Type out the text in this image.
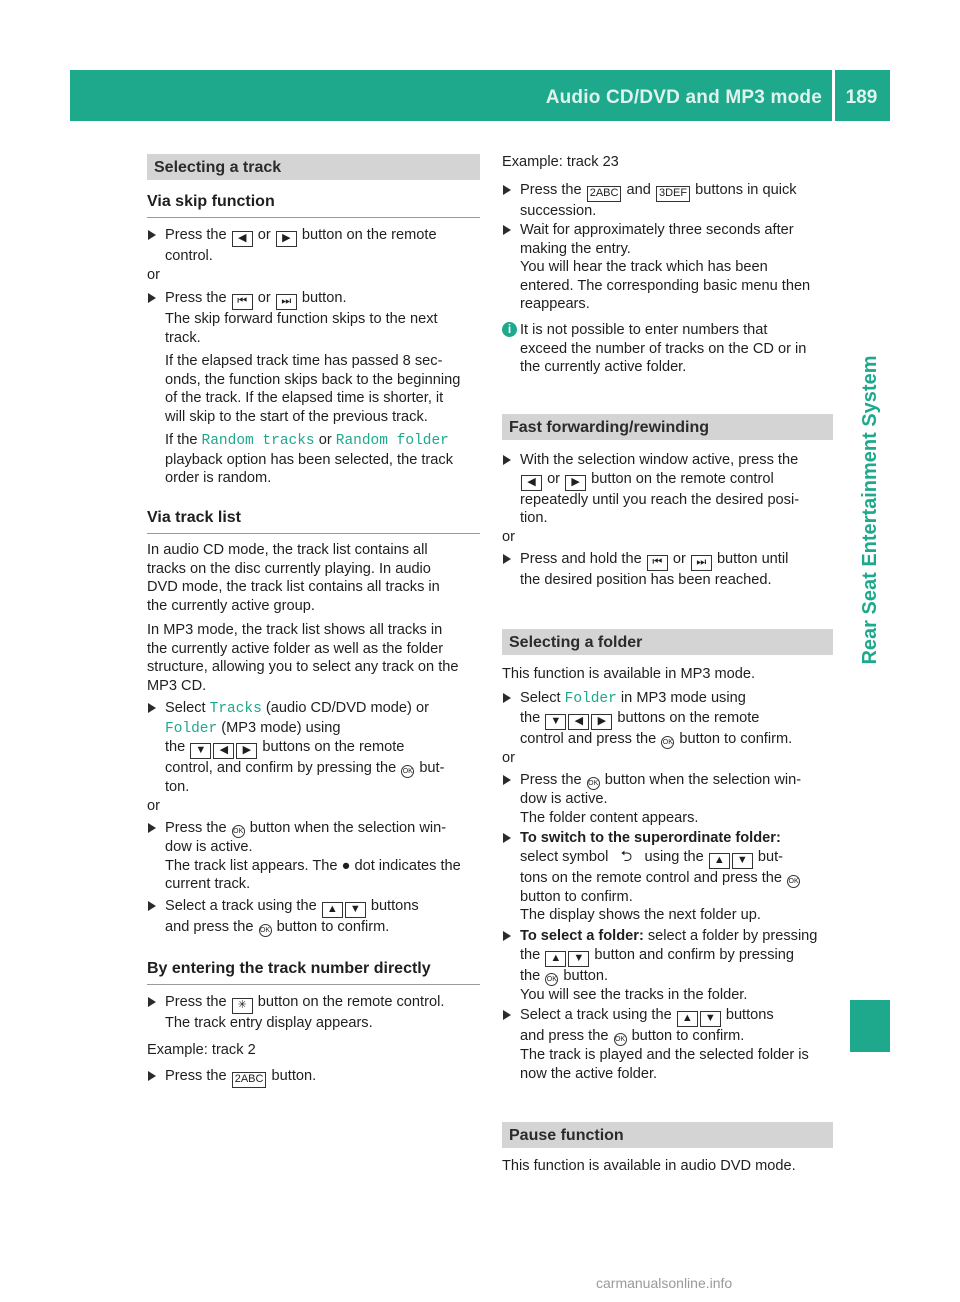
Audio CD/DVD and MP3 mode	189
Rear Seat Entertainment System
Selecting a track
Via skip function
Press the ◀ or ▶ button on the remote
control.
or
Press the ⏮ or ⏭ button.
The skip forward function skips to the next
track.
If the elapsed track time has passed 8 sec-
onds, the function skips back to the beginning
of the track. If the elapsed time is shorter, it
will skip to the start of the previous track.
If the Random tracks or Random folder
playback option has been selected, the track
order is random.
Via track list
In audio CD mode, the track list contains all
tracks on the disc currently playing. In audio
DVD mode, the track list contains all tracks in
the currently active group.
In MP3 mode, the track list shows all tracks in
the currently active folder as well as the folder
structure, allowing you to select any track on the
MP3 CD.
Select Tracks (audio CD/DVD mode) or
Folder (MP3 mode) using
the ▼ ◀ ▶ buttons on the remote
control, and confirm by pressing the OK but-
ton.
or
Press the OK button when the selection win-
dow is active.
The track list appears. The ● dot indicates the
current track.
Select a track using the ▲ ▼ buttons
and press the OK button to confirm.
By entering the track number directly
Press the ✳ button on the remote control.
The track entry display appears.
Example: track 2
Press the 2ABC button.
Example: track 23
Press the 2ABC and 3DEF buttons in quick
succession.
Wait for approximately three seconds after
making the entry.
You will hear the track which has been
entered. The corresponding basic menu then
reappears.
i It is not possible to enter numbers that
exceed the number of tracks on the CD or in
the currently active folder.
Fast forwarding/rewinding
With the selection window active, press the
◀ or ▶ button on the remote control
repeatedly until you reach the desired posi-
tion.
or
Press and hold the ⏮ or ⏭ button until
the desired position has been reached.
Selecting a folder
This function is available in MP3 mode.
Select Folder in MP3 mode using
the ▼ ◀ ▶ buttons on the remote
control and press the OK button to confirm.
or
Press the OK button when the selection win-
dow is active.
The folder content appears.
To switch to the superordinate folder:
select symbol ⮌ using the ▲ ▼ but-
tons on the remote control and press the OK
button to confirm.
The display shows the next folder up.
To select a folder: select a folder by pressing
the ▲ ▼ button and confirm by pressing
the OK button.
You will see the tracks in the folder.
Select a track using the ▲ ▼ buttons
and press the OK button to confirm.
The track is played and the selected folder is
now the active folder.
Pause function
This function is available in audio DVD mode.
carmanualsonline.info
